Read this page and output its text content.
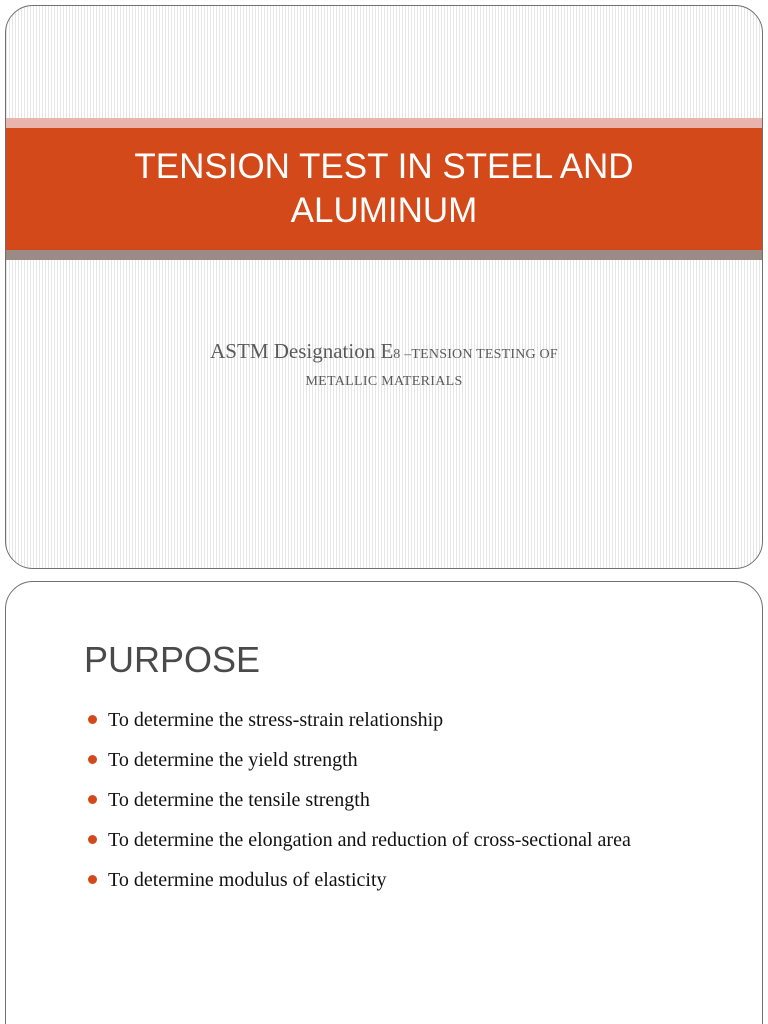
TENSION TEST IN STEEL AND ALUMINUM
ASTM Designation E8 –TENSION TESTING OF
METALLIC MATERIALS
PURPOSE
To determine the stress-strain relationship
To determine the yield strength
To determine the tensile strength
To determine the elongation and reduction of cross-sectional area
To determine modulus of elasticity
